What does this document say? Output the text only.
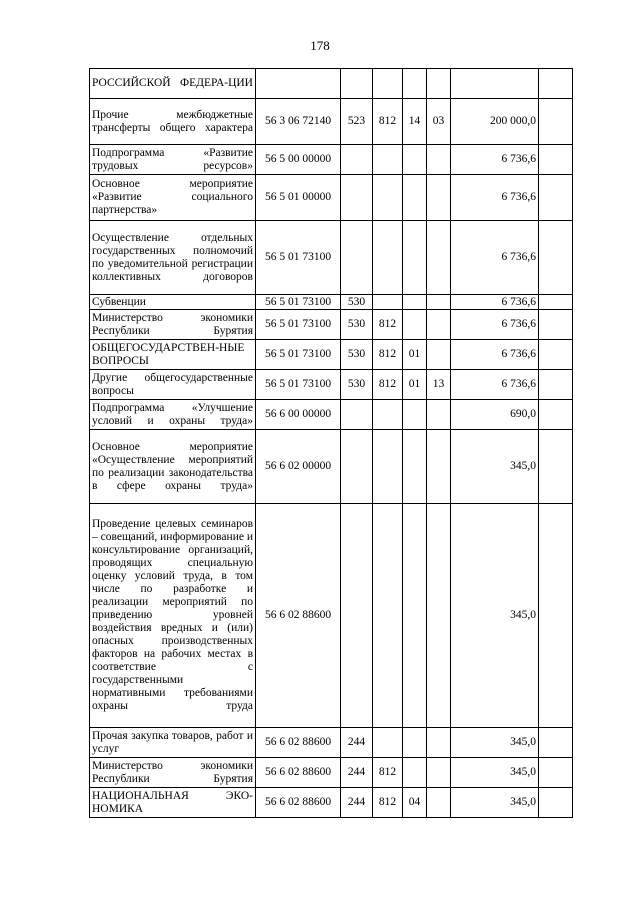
178
РОССИЙСКОЙ ФЕДЕРА-ЦИИ							
Прочие межбюджетные трансферты общего характера	56 3 06 72140	523	812	14	03	200 000,0	
Подпрограмма «Развитие трудовых ресурсов»	56 5 00 00000					6 736,6	
Основное мероприятие «Развитие социального партнерства»	56 5 01 00000					6 736,6	
Осуществление отдельных государственных полномочий по уведомительной регистрации коллективных договоров	56 5 01 73100					6 736,6	
Субвенции	56 5 01 73100	530				6 736,6	
Министерство экономики Республики Бурятия	56 5 01 73100	530	812			6 736,6	
ОБЩЕГОСУДАРСТВЕН-НЫЕ ВОПРОСЫ	56 5 01 73100	530	812	01		6 736,6	
Другие общегосударственные вопросы	56 5 01 73100	530	812	01	13	6 736,6	
Подпрограмма «Улучшение условий и охраны труда»	56 6 00 00000					690,0	
Основное мероприятие «Осуществление мероприятий по реализации законодательства в сфере охраны труда»	56 6 02 00000					345,0	
Проведение целевых семинаров – совещаний, информирование и консультирование организаций, проводящих специальную оценку условий труда, в том числе по разработке и реализации мероприятий по приведению уровней воздействия вредных и (или) опасных производственных факторов на рабочих местах в соответствие с государственными нормативными требованиями охраны труда	56 6 02 88600					345,0	
Прочая закупка товаров, работ и услуг	56 6 02 88600	244				345,0	
Министерство экономики Республики Бурятия	56 6 02 88600	244	812			345,0	
НАЦИОНАЛЬНАЯ ЭКО-НОМИКА	56 6 02 88600	244	812	04		345,0	
